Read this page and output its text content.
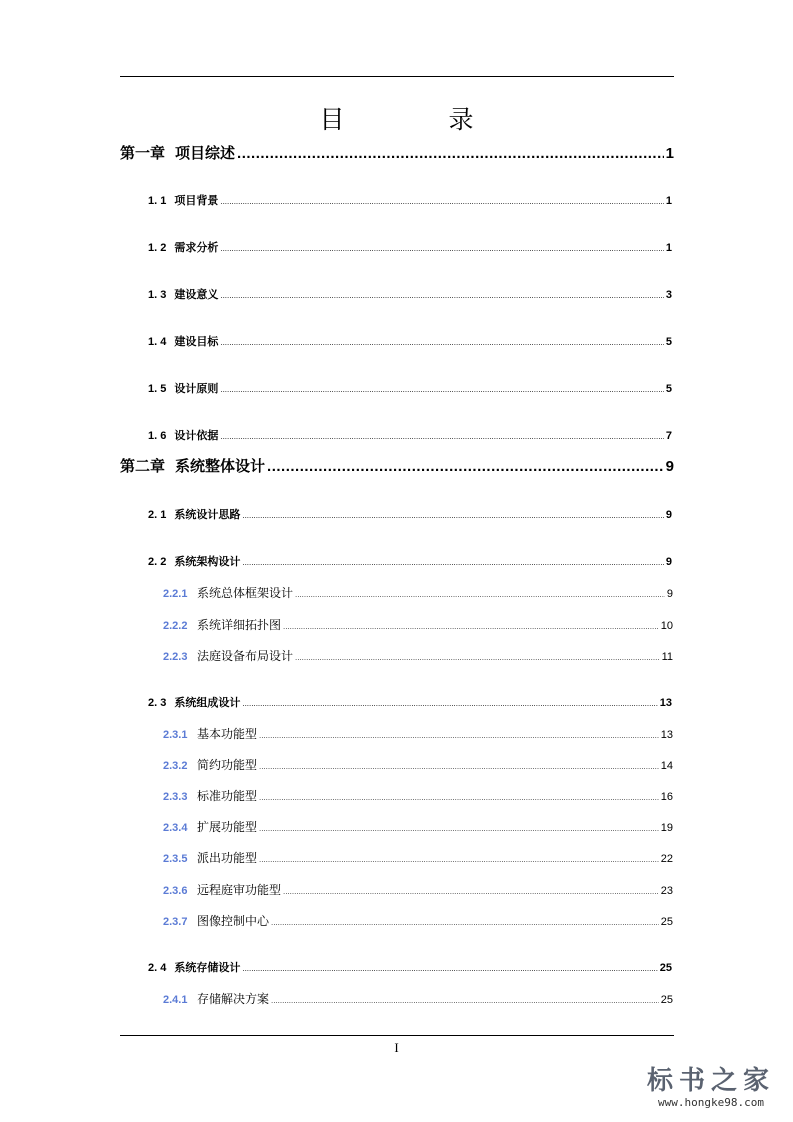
目 录
第一章 项目综述 .....	1
1. 1 项目背景 .....	1
1. 2 需求分析 .....	1
1. 3 建设意义 .....	3
1. 4 建设目标 .....	5
1. 5 设计原则 .....	5
1. 6 设计依据 .....	7
第二章 系统整体设计 .....	9
2. 1 系统设计思路 .....	9
2. 2 系统架构设计 .....	9
2.2.1 系统总体框架设计 .....	9
2.2.2 系统详细拓扑图 .....	10
2.2.3 法庭设备布局设计 .....	11
2. 3 系统组成设计 .....	13
2.3.1 基本功能型 .....	13
2.3.2 简约功能型 .....	14
2.3.3 标准功能型 .....	16
2.3.4 扩展功能型 .....	19
2.3.5 派出功能型 .....	22
2.3.6 远程庭审功能型 .....	23
2.3.7 图像控制中心 .....	25
2. 4 系统存储设计 .....	25
2.4.1 存储解决方案 .....	25
I
标书之家
www.hongke98.com
